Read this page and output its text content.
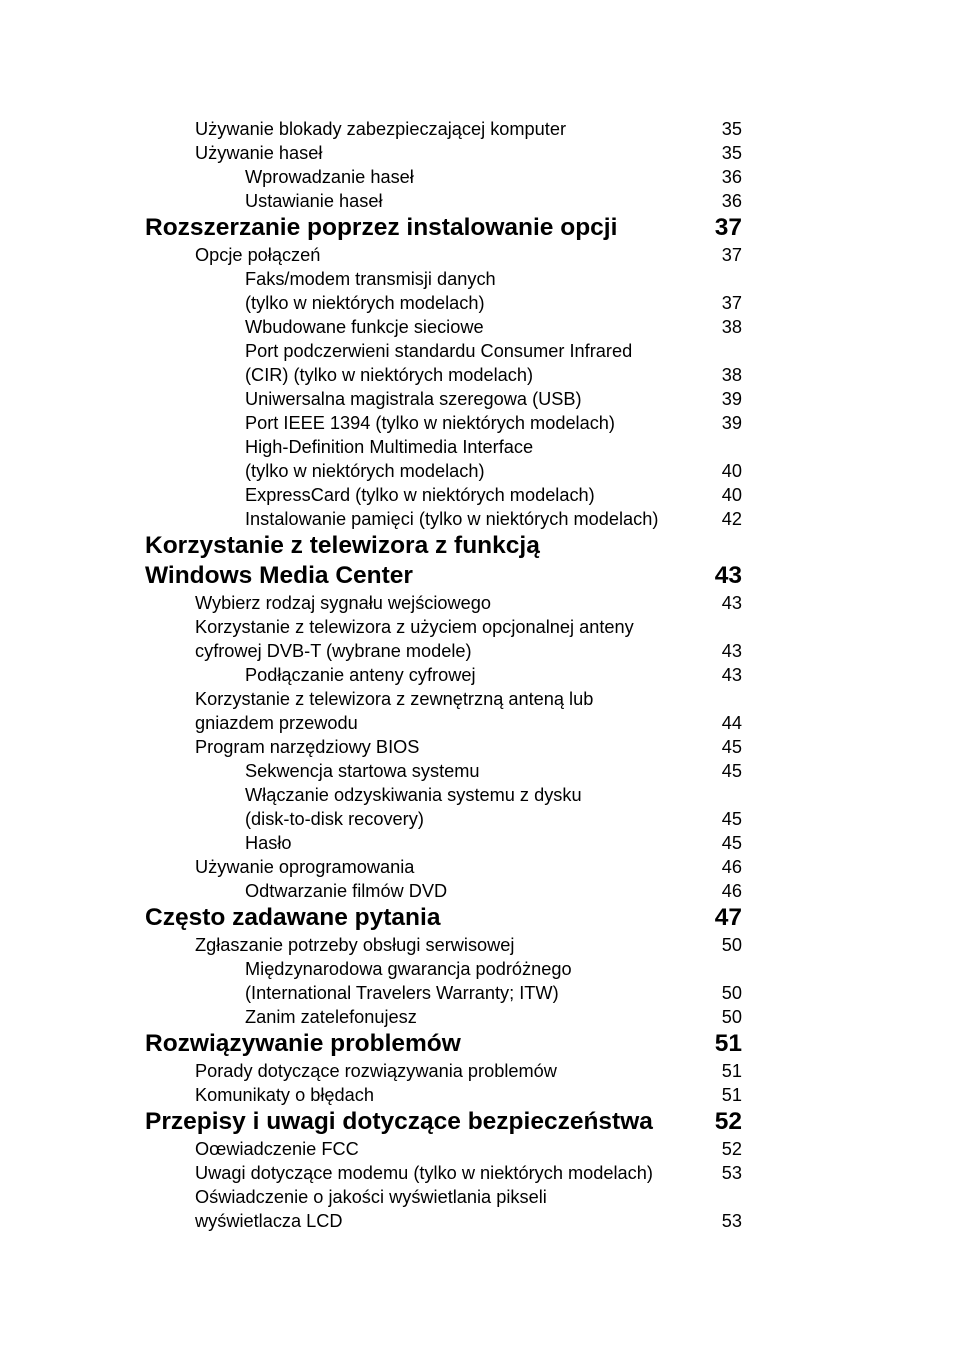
Używanie blokady zabezpieczającej komputer	35
Używanie haseł	35
Wprowadzanie haseł	36
Ustawianie haseł	36
Rozszerzanie poprzez instalowanie opcji	37
Opcje połączeń	37
Faks/modem transmisji danych
(tylko w niektórych modelach)	37
Wbudowane funkcje sieciowe	38
Port podczerwieni standardu Consumer Infrared
(CIR) (tylko w niektórych modelach)	38
Uniwersalna magistrala szeregowa (USB)	39
Port IEEE 1394 (tylko w niektórych modelach)	39
High-Definition Multimedia Interface
(tylko w niektórych modelach)	40
ExpressCard (tylko w niektórych modelach)	40
Instalowanie pamięci (tylko w niektórych modelach)	42
Korzystanie z telewizora z funkcją
Windows Media Center	43
Wybierz rodzaj sygnału wejściowego	43
Korzystanie z telewizora z użyciem opcjonalnej anteny
cyfrowej DVB-T (wybrane modele)	43
Podłączanie anteny cyfrowej	43
Korzystanie z telewizora z zewnętrzną anteną lub
gniazdem przewodu	44
Program narzędziowy BIOS	45
Sekwencja startowa systemu	45
Włączanie odzyskiwania systemu z dysku
(disk-to-disk recovery)	45
Hasło	45
Używanie oprogramowania	46
Odtwarzanie filmów DVD	46
Często zadawane pytania	47
Zgłaszanie potrzeby obsługi serwisowej	50
Międzynarodowa gwarancja podróżnego
(International Travelers Warranty; ITW)	50
Zanim zatelefonujesz	50
Rozwiązywanie problemów	51
Porady dotyczące rozwiązywania problemów	51
Komunikaty o błędach	51
Przepisy i uwagi dotyczące bezpieczeństwa	52
Oœwiadczenie FCC	52
Uwagi dotyczące modemu (tylko w niektórych modelach)	53
Oświadczenie o jakości wyświetlania pikseli
wyświetlacza LCD	53
